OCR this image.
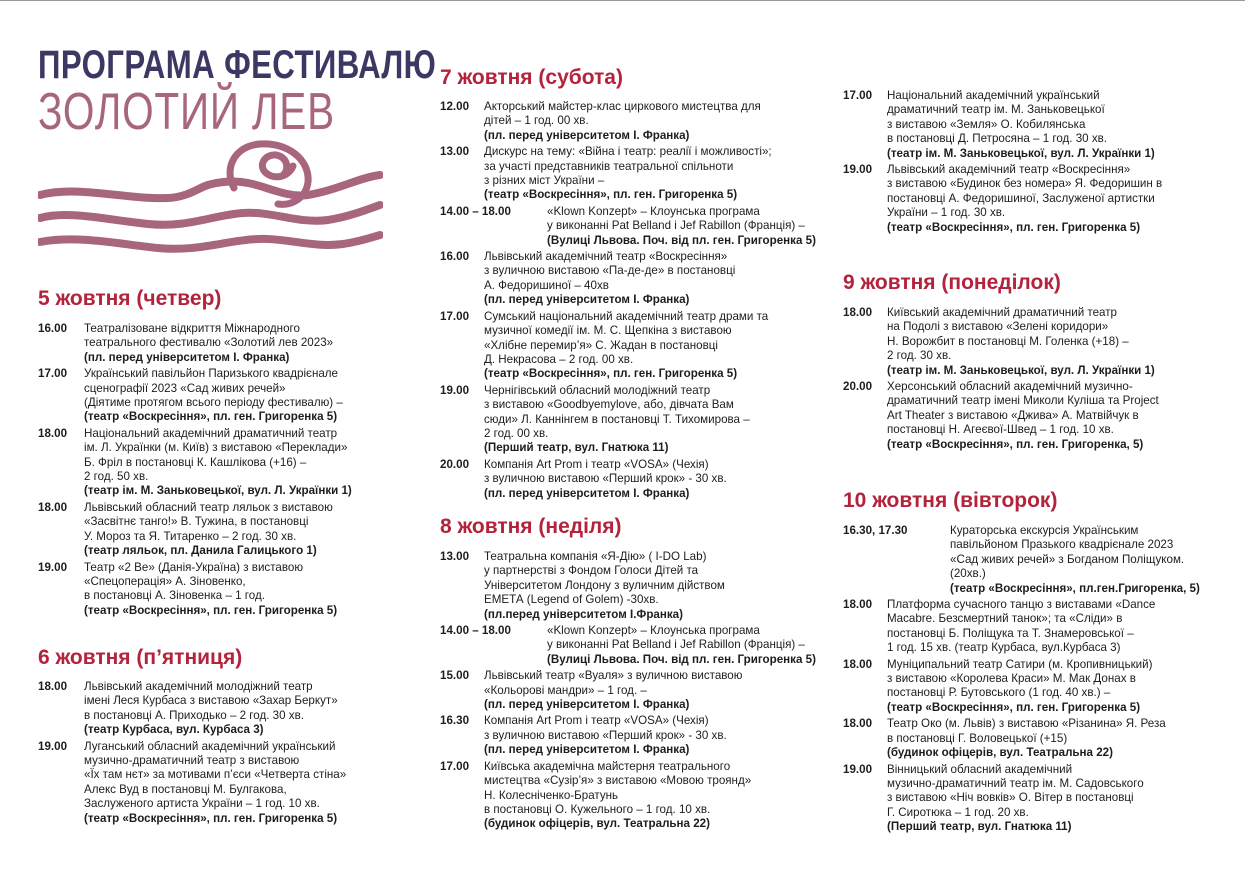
ПРОГРАМА ФЕСТИВАЛЮ
ЗОЛОТИЙ ЛЕВ
5 жовтня (четвер)
16.00	Театралізоване відкриття Міжнародного
театрального фестивалю «Золотий лев 2023»
(пл. перед університетом І. Франка)
17.00	Український павільйон Паризького квадрієнале
сценографії 2023 «Сад живих речей»
(Діятиме протягом всього періоду фестивалю) –
(театр «Воскресіння», пл. ген. Григоренка 5)
18.00	Національний академічний драматичний театр
ім. Л. Українки (м. Київ) з виставою «Переклади»
Б. Фріл в постановці К. Кашлікова (+16) –
2 год. 50 хв.
(театр ім. М. Заньковецької, вул. Л. Українки 1)
18.00	Львівський обласний театр ляльок з виставою
«Засвітнє танго!» В. Тужина, в постановці
У. Мороз та Я. Титаренко – 2 год. 30 хв.
(театр ляльок, пл. Данила Галицького 1)
19.00	Театр «2 Ве» (Данія-Україна) з виставою
«Спецоперація» А. Зіновенко,
в постановці А. Зіновенка – 1 год.
(театр «Воскресіння», пл. ген. Григоренка 5)
6 жовтня (п’ятниця)
18.00	Львівський академічний молодіжний театр
імені Леся Курбаса з виставою «Захар Беркут»
в постановці А. Приходько – 2 год. 30 хв.
(театр Курбаса, вул. Курбаса 3)
19.00	Луганський обласний академічний український
музично-драматичний театр з виставою
«Їх там нєт» за мотивами п’єси «Четверта стіна»
Алекс Вуд в постановці М. Булгакова,
Заслуженого артиста України – 1 год. 10 хв.
(театр «Воскресіння», пл. ген. Григоренка 5)
7 жовтня (субота)
12.00	Акторський майстер-клас циркового мистецтва для
дітей – 1 год. 00 хв.
(пл. перед університетом І. Франка)
13.00	Дискурс на тему: «Війна і театр: реалії і можливості»;
за участі представників театральної спільноти
з різних міст України –
(театр «Воскресіння», пл. ген. Григоренка 5)
14.00 – 18.00	«Klown Konzept» – Клоунська програма
у виконанні Pat Belland і Jef Rabillon (Франція) –
(Вулиці Львова. Поч. від пл. ген. Григоренка 5)
16.00	Львівський академічний театр «Воскресіння»
з вуличною виставою «Па-де-де» в постановці
А. Федоришиної – 40хв
(пл. перед університетом І. Франка)
17.00	Сумський національний академічний театр драми та
музичної комедії ім. М. С. Щепкіна з виставою
«Хлібне перемир’я» С. Жадан в постановці
Д. Некрасова – 2 год. 00 хв.
(театр «Воскресіння», пл. ген. Григоренка 5)
19.00	Чернігівський обласний молодіжний театр
з виставою «Goodbyemylove, або, дівчата Вам
сюди» Л. Каннінгем в постановці Т. Тихомирова –
2 год. 00 хв.
(Перший театр, вул. Гнатюка 11)
20.00	Компанія Art Prom і театр «VOSA» (Чехія)
з вуличною виставою «Перший крок» - 30 хв.
(пл. перед університетом І. Франка)
8 жовтня (неділя)
13.00	Театральна компанія «Я-Дію» ( I-DO Lab)
у партнерстві з Фондом Голоси Дітей та
Університетом Лондону з вуличним дійством
ЕМЕТА (Legend of Golem) -30хв.
(пл.перед університетом І.Франка)
14.00 – 18.00	«Klown Konzept» – Клоунська програма
у виконанні Pat Belland і Jef Rabillon (Франція) –
(Вулиці Львова. Поч. від пл. ген. Григоренка 5)
15.00	Львівський театр «Вуаля» з вуличною виставою
«Кольорові мандри» – 1 год. –
(пл. перед університетом І. Франка)
16.30	Компанія Art Prom і театр «VOSA» (Чехія)
з вуличною виставою «Перший крок» - 30 хв.
(пл. перед університетом І. Франка)
17.00	Київська академічна майстерня театрального
мистецтва «Сузір’я» з виставою «Мовою троянд»
Н. Колесніченко-Братунь
в постановці О. Кужельного – 1 год. 10 хв.
(будинок офіцерів, вул. Театральна 22)
17.00	Національний академічний український
драматичний театр ім. М. Заньковецької
з виставою «Земля» О. Кобилянська
в постановці Д. Петросяна – 1 год. 30 хв.
(театр ім. М. Заньковецької, вул. Л. Українки 1)
19.00	Львівський академічний театр «Воскресіння»
з виставою «Будинок без номера» Я. Федоришин в
постановці А. Федоришиної, Заслуженої артистки
України – 1 год. 30 хв.
(театр «Воскресіння», пл. ген. Григоренка 5)
9 жовтня (понеділок)
18.00	Київський академічний драматичний театр
на Подолі з виставою «Зелені коридори»
Н. Ворожбит в постановці М. Голенка (+18) –
2 год. 30 хв.
(театр ім. М. Заньковецької, вул. Л. Українки 1)
20.00	Херсонський обласний академічний музично-
драматичний театр імені Миколи Куліша та Project
Art Theater з виставою «Джива» А. Матвійчук в
постановці Н. Агеєвої-Швед – 1 год. 10 хв.
(театр «Воскресіння», пл. ген. Григоренка, 5)
10 жовтня (вівторок)
16.30, 17.30	Кураторська екскурсія Українським
павільйоном Празького квадрієнале 2023
«Сад живих речей» з Богданом Поліщуком. (20хв.)
(театр «Воскресіння», пл.ген.Григоренка, 5)
18.00	Платформа сучасного танцю з виставами «Dance
Macabre. Безсмертний танок»; та «Сліди» в
постановці Б. Поліщука та Т. Знамеровської –
1 год. 15 хв. (театр Курбаса, вул.Курбаса 3)
18.00	Муніципальний театр Сатири (м. Кропивницький)
з виставою «Королева Краси» М. Мак Донах в
постановці Р. Бутовського (1 год. 40 хв.) –
(театр «Воскресіння», пл. ген. Григоренка 5)
18.00	Театр Око (м. Львів) з виставою «Різанина» Я. Реза
в постановці Г. Воловецької (+15)
(будинок офіцерів, вул. Театральна 22)
19.00	Вінницький обласний академічний
музично-драматичний театр ім. М. Садовського
з виставою «Ніч вовків» О. Вітер в постановці
Г. Сиротюка – 1 год. 20 хв.
(Перший театр, вул. Гнатюка 11)
